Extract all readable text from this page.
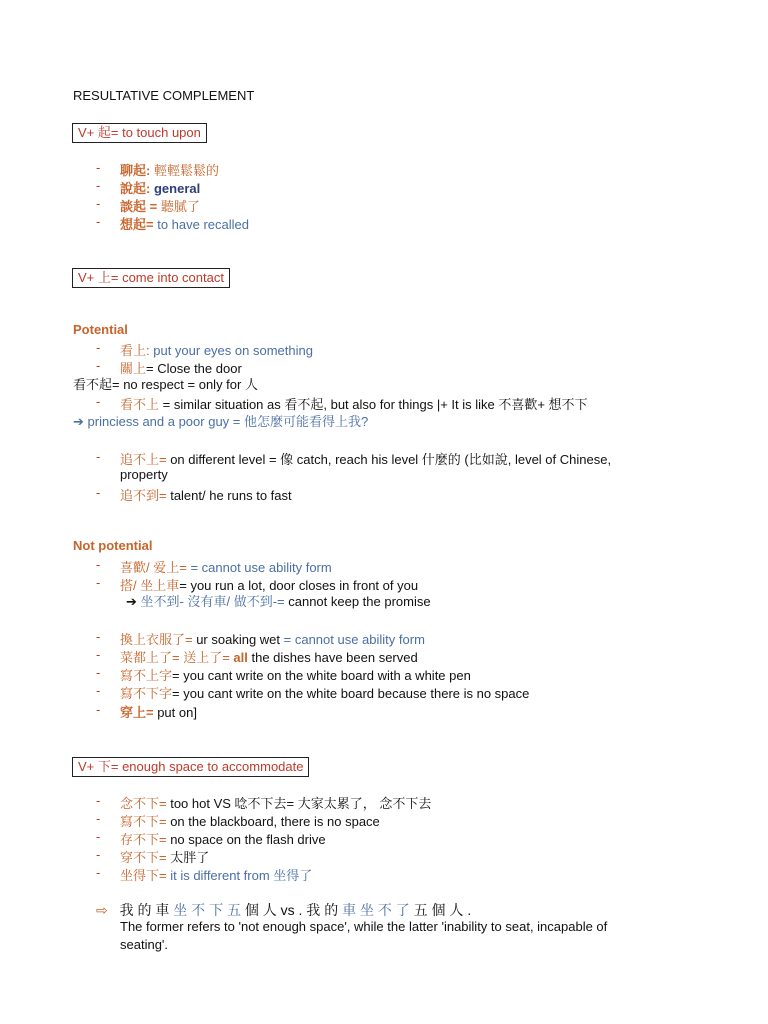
RESULTATIVE COMPLEMENT
V+ 起= to touch upon
- 聊起: 輕輕鬆鬆的
- 說起: general
- 談起 = 聽膩了
- 想起= to have recalled
V+ 上= come into contact
Potential
- 看上: put your eyes on something
- 關上= Close the door
看不起= no respect = only for 人
- 看不上 = similar situation as 看不起, but also for things |+ It is like 不喜歡+ 想不下
➔ princiess and a poor guy = 他怎麼可能看得上我?
- 追不上= on different level = 像 catch, reach his level 什麼的 (比如說, level of Chinese,
property
- 追不到= talent/ he runs to fast
Not potential
- 喜歡/ 爱上= = cannot use ability form
- 搭/ 坐上車= you run a lot, door closes in front of you
➔ 坐不到- 沒有車/ 做不到-= cannot keep the promise
- 換上衣服了= ur soaking wet = cannot use ability form
- 菜都上了= 送上了= all the dishes have been served
- 寫不上字= you cant write on the white board with a white pen
- 寫不下字= you cant write on the white board because there is no space
- 穿上= put on]
V+ 下= enough space to accommodate
- 念不下= too hot VS 唸不下去= 大家太累了， 念不下去
- 寫不下= on the blackboard, there is no space
- 存不下= no space on the flash drive
- 穿不下= 太胖了
- 坐得下= it is different from 坐得了
⇨ 我 的 車 坐 不 下 五 個 人 vs . 我 的 車 坐 不 了 五 個 人 .
The former refers to 'not enough space', while the latter 'inability to seat, incapable of
seating'.
